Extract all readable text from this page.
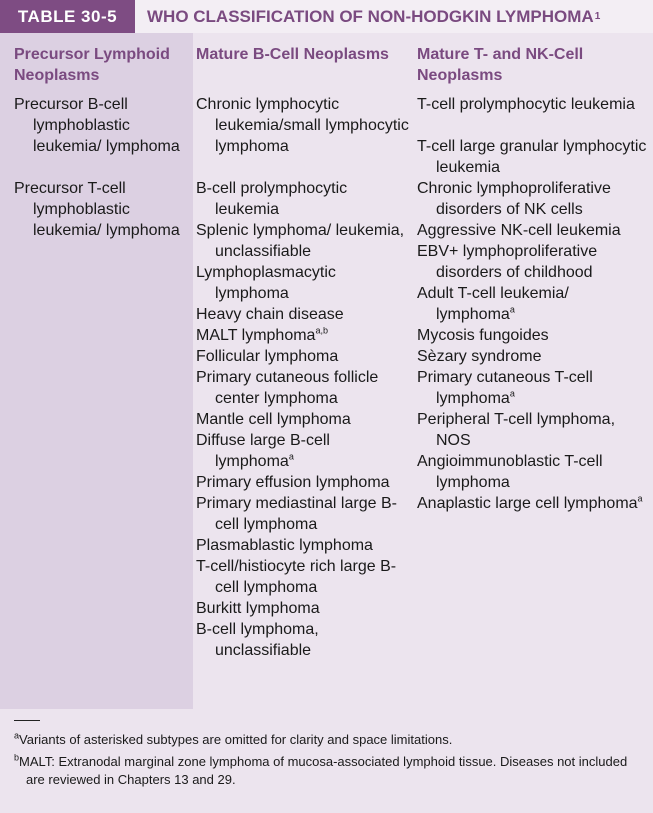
TABLE 30-5	WHO CLASSIFICATION OF NON-HODGKIN LYMPHOMA 1
Precursor Lymphoid Neoplasms
Precursor B-cell lymphoblastic leukemia/ lymphoma
Precursor T-cell lymphoblastic leukemia/ lymphoma
Mature B-Cell Neoplasms
Chronic lymphocytic leukemia/small lymphocytic lymphoma
B-cell prolymphocytic leukemia
Splenic lymphoma/ leukemia, unclassifiable
Lymphoplasmacytic lymphoma
Heavy chain disease
MALT lymphoma$^{a,b}$
Follicular lymphoma
Primary cutaneous follicle center lymphoma
Mantle cell lymphoma
Diffuse large B-cell lymphoma$^a$
Primary effusion lymphoma
Primary mediastinal large B-cell lymphoma
Plasmablastic lymphoma
T-cell/histiocyte rich large B-cell lymphoma
Burkitt lymphoma
B-cell lymphoma, unclassifiable
Mature T- and NK-Cell Neoplasms
T-cell prolymphocytic leukemia
T-cell large granular lymphocytic leukemia
Chronic lymphoproliferative disorders of NK cells
Aggressive NK-cell leukemia
EBV+ lymphoproliferative disorders of childhood
Adult T-cell leukemia/ lymphoma$^a$
Mycosis fungoides
Sèzary syndrome
Primary cutaneous T-cell lymphoma$^a$
Peripheral T-cell lymphoma, NOS
Angioimmunoblastic T-cell lymphoma
Anaplastic large cell lymphoma$^a$

$^a$Variants of asterisked subtypes are omitted for clarity and space limitations.

$^b$MALT: Extranodal marginal zone lymphoma of mucosa-associated lymphoid tissue. Diseases not included are reviewed in Chapters 13 and 29.
